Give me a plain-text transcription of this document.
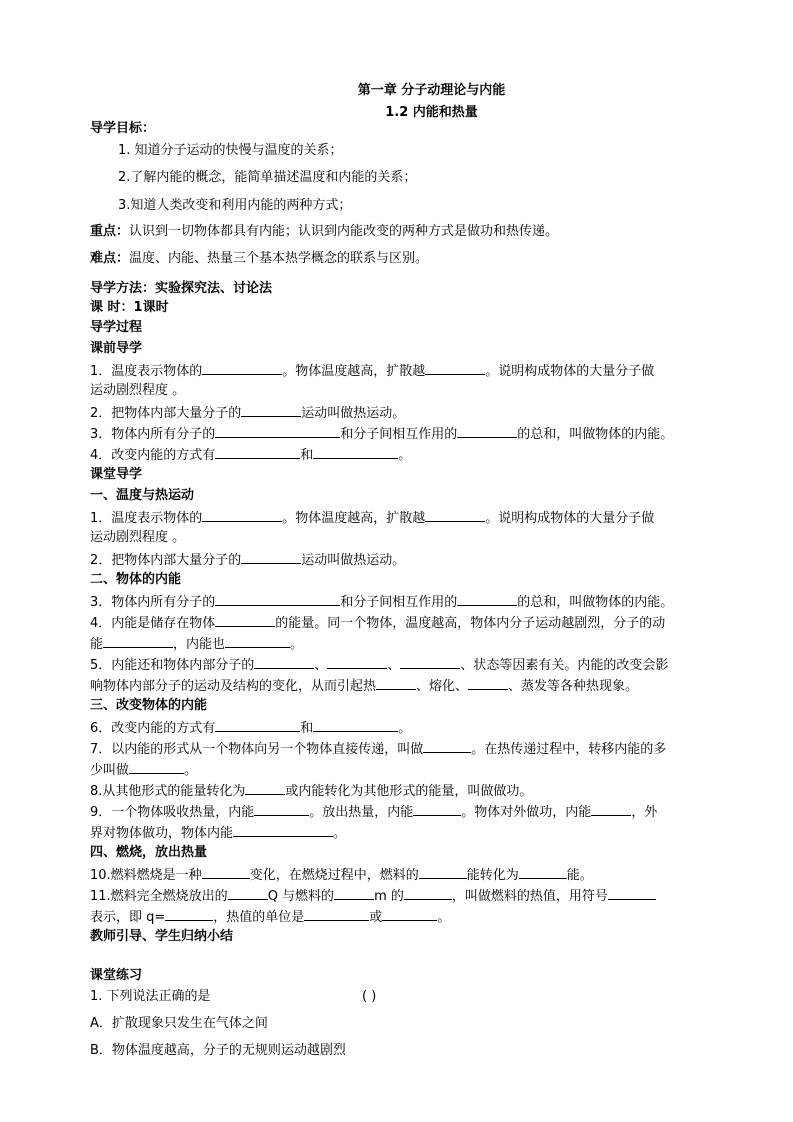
第一章 分子动理论与内能
1.2 内能和热量
导学目标：
1. 知道分子运动的快慢与温度的关系；
2.了解内能的概念，能简单描述温度和内能的关系；
3.知道人类改变和利用内能的两种方式；
重点：认识到一切物体都具有内能；认识到内能改变的两种方式是做功和热传递。
难点：温度、内能、热量三个基本热学概念的联系与区别。
导学方法：实验探究法、讨论法
课 时：1课时
导学过程
课前导学
1．温度表示物体的	。物体温度越高，扩散越	。说明构成物体的大量分子做
运动剧烈程度 。
2．把物体内部大量分子的	运动叫做热运动。
3．物体内所有分子的	和分子间相互作用的	的总和，叫做物体的内能。
4．改变内能的方式有	和	。
课堂导学
一、温度与热运动
1．温度表示物体的	。物体温度越高，扩散越	。说明构成物体的大量分子做
运动剧烈程度 。
2．把物体内部大量分子的	运动叫做热运动。
二、物体的内能
3．物体内所有分子的	和分子间相互作用的	的总和，叫做物体的内能。
4．内能是储存在物体	的能量。同一个物体，温度越高，物体内分子运动越剧烈，分子的动
能	，内能也	。
5．内能还和物体内部分子的	、	、	、状态等因素有关。内能的改变会影
响物体内部分子的运动及结构的变化，从而引起热	、熔化、	、蒸发等各种热现象。
三、改变物体的内能
6．改变内能的方式有	和	。
7．以内能的形式从一个物体向另一个物体直接传递，叫做	。在热传递过程中，转移内能的多
少叫做	。
8.从其他形式的能量转化为	或内能转化为其他形式的能量，叫做做功。
9．一个物体吸收热量，内能	。放出热量，内能	。物体对外做功，内能	，外
界对物体做功，物体内能	。
四、燃烧，放出热量
10.燃料燃烧是一种	变化，在燃烧过程中，燃料的	能转化为	能。
11.燃料完全燃烧放出的	Q 与燃料的	m 的	，叫做燃料的热值，用符号
表示，即 q=	，热值的单位是	或	。
教师引导、学生归纳小结
课堂练习
1. 下列说法正确的是	( )
A．扩散现象只发生在气体之间
B．物体温度越高，分子的无规则运动越剧烈
